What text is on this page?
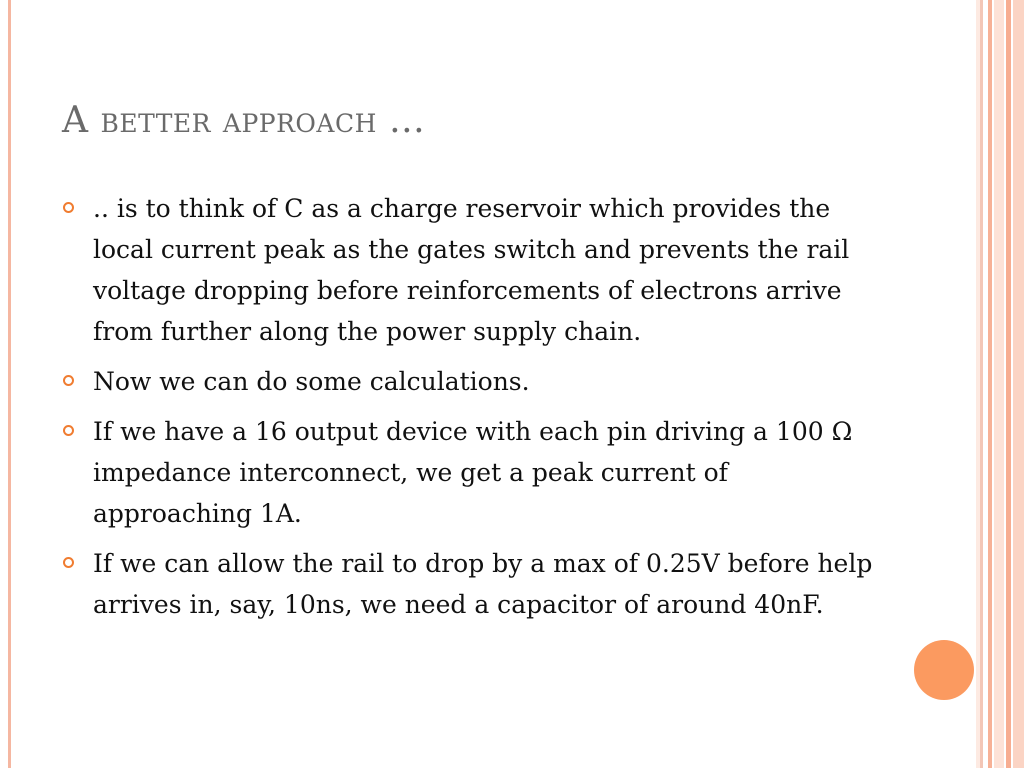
A better approach …
.. is to think of C as a charge reservoir which provides the local current peak as the gates switch and prevents the rail voltage dropping before reinforcements of electrons arrive from further along the power supply chain.
Now we can do some calculations.
If we have a 16 output device with each pin driving a 100 Ω impedance interconnect, we get a peak current of approaching 1A.
If we can allow the rail to drop by a max of 0.25V before help arrives in, say, 10ns, we need a capacitor of around 40nF.
